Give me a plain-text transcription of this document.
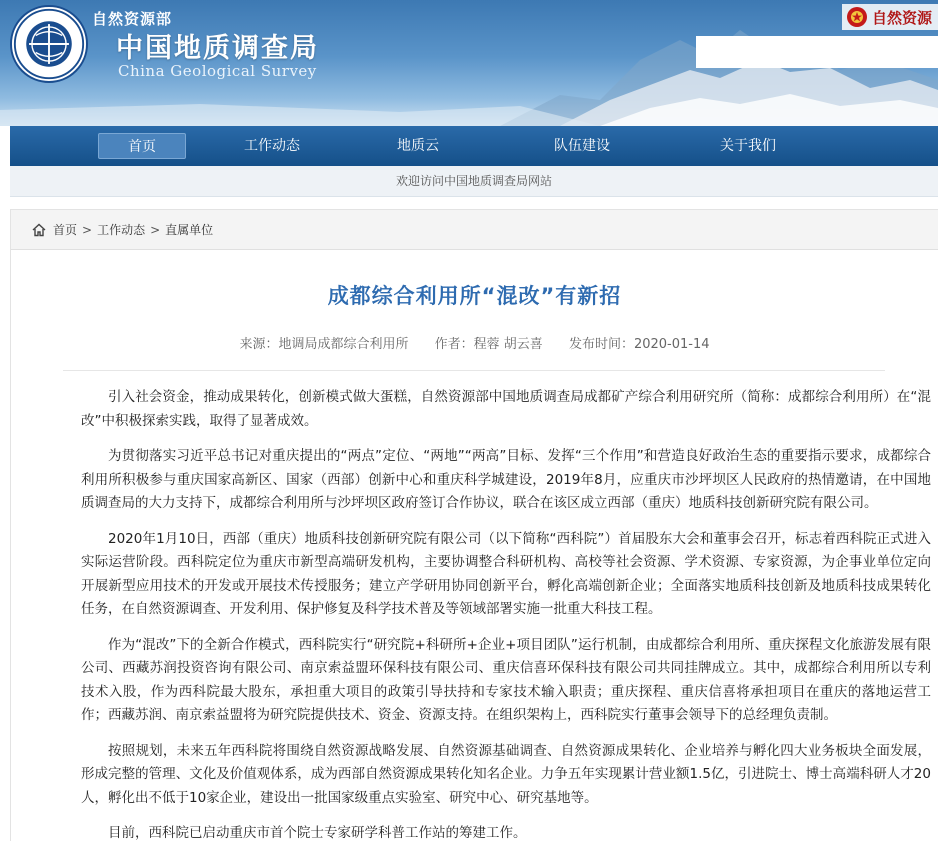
自然资源部
中国地质调查局
China Geological Survey
自然资源
首页	工作动态	地质云	队伍建设	关于我们
欢迎访问中国地质调查局网站
首页 > 工作动态 > 直属单位
成都综合利用所“混改”有新招
来源：地调局成都综合利用所 作者：程蓉 胡云喜 发布时间：2020-01-14

引入社会资金，推动成果转化，创新模式做大蛋糕，自然资源部中国地质调查局成都矿产综合利用研究所（简称：成都综合利用所）在“混改”中积极探索实践，取得了显著成效。

为贯彻落实习近平总书记对重庆提出的“两点”定位、“两地”“两高”目标、发挥“三个作用”和营造良好政治生态的重要指示要求，成都综合利用所积极参与重庆国家高新区、国家（西部）创新中心和重庆科学城建设，2019年8月，应重庆市沙坪坝区人民政府的热情邀请，在中国地质调查局的大力支持下，成都综合利用所与沙坪坝区政府签订合作协议，联合在该区成立西部（重庆）地质科技创新研究院有限公司。

2020年1月10日，西部（重庆）地质科技创新研究院有限公司（以下简称“西科院”）首届股东大会和董事会召开，标志着西科院正式进入实际运营阶段。西科院定位为重庆市新型高端研发机构，主要协调整合科研机构、高校等社会资源、学术资源、专家资源，为企事业单位定向开展新型应用技术的开发或开展技术传授服务；建立产学研用协同创新平台，孵化高端创新企业；全面落实地质科技创新及地质科技成果转化任务，在自然资源调查、开发利用、保护修复及科学技术普及等领域部署实施一批重大科技工程。

作为“混改”下的全新合作模式，西科院实行“研究院+科研所+企业+项目团队”运行机制，由成都综合利用所、重庆探程文化旅游发展有限公司、西藏苏润投资咨询有限公司、南京索益盟环保科技有限公司、重庆信喜环保科技有限公司共同挂牌成立。其中，成都综合利用所以专利技术入股，作为西科院最大股东，承担重大项目的政策引导扶持和专家技术输入职责；重庆探程、重庆信喜将承担项目在重庆的落地运营工作；西藏苏润、南京索益盟将为研究院提供技术、资金、资源支持。在组织架构上，西科院实行董事会领导下的总经理负责制。

按照规划，未来五年西科院将围绕自然资源战略发展、自然资源基础调查、自然资源成果转化、企业培养与孵化四大业务板块全面发展，形成完整的管理、文化及价值观体系，成为西部自然资源成果转化知名企业。力争五年实现累计营业额1.5亿，引进院士、博士高端科研人才20人，孵化出不低于10家企业，建设出一批国家级重点实验室、研究中心、研究基地等。

目前，西科院已启动重庆市首个院士专家研学科普工作站的筹建工作。
